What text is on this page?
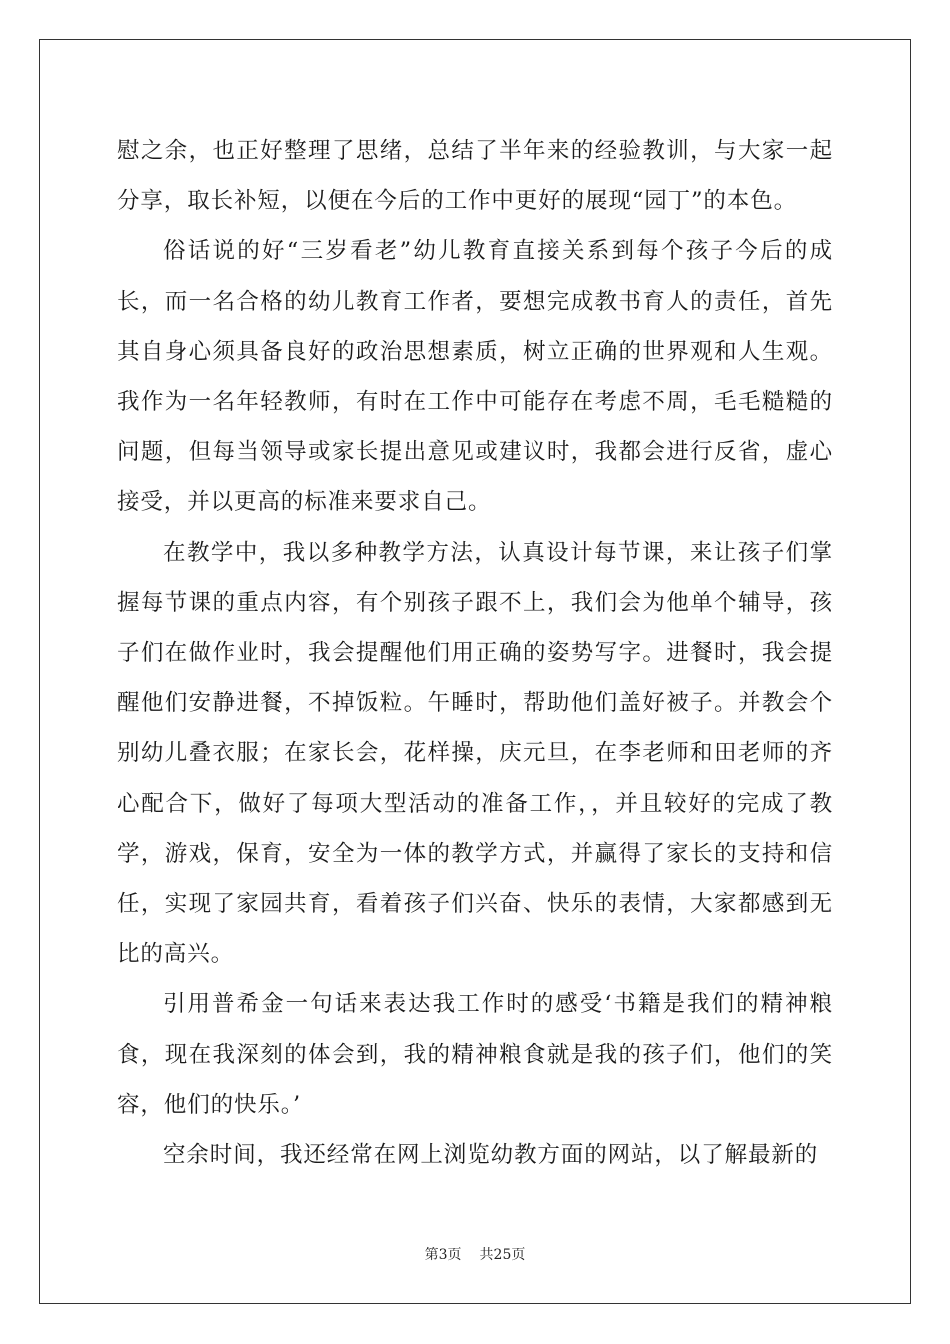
慰之余，也正好整理了思绪，总结了半年来的经验教训，与大家一起分享，取长补短，以便在今后的工作中更好的展现“园丁”的本色。

俗话说的好“三岁看老”幼儿教育直接关系到每个孩子今后的成长，而一名合格的幼儿教育工作者，要想完成教书育人的责任，首先其自身心须具备良好的政治思想素质，树立正确的世界观和人生观。我作为一名年轻教师，有时在工作中可能存在考虑不周，毛毛糙糙的问题，但每当领导或家长提出意见或建议时，我都会进行反省，虚心接受，并以更高的标准来要求自己。

在教学中，我以多种教学方法，认真设计每节课，来让孩子们掌握每节课的重点内容，有个别孩子跟不上，我们会为他单个辅导，孩子们在做作业时，我会提醒他们用正确的姿势写字。进餐时，我会提醒他们安静进餐，不掉饭粒。午睡时，帮助他们盖好被子。并教会个别幼儿叠衣服；在家长会，花样操，庆元旦，在李老师和田老师的齐心配合下，做好了每项大型活动的准备工作，，并且较好的完成了教学，游戏，保育，安全为一体的教学方式，并赢得了家长的支持和信任，实现了家园共育，看着孩子们兴奋、快乐的表情，大家都感到无比的高兴。

引用普希金一句话来表达我工作时的感受‘书籍是我们的精神粮食，现在我深刻的体会到，我的精神粮食就是我的孩子们，他们的笑容，他们的快乐。’

空余时间，我还经常在网上浏览幼教方面的网站，以了解最新的

第3页 共25页
